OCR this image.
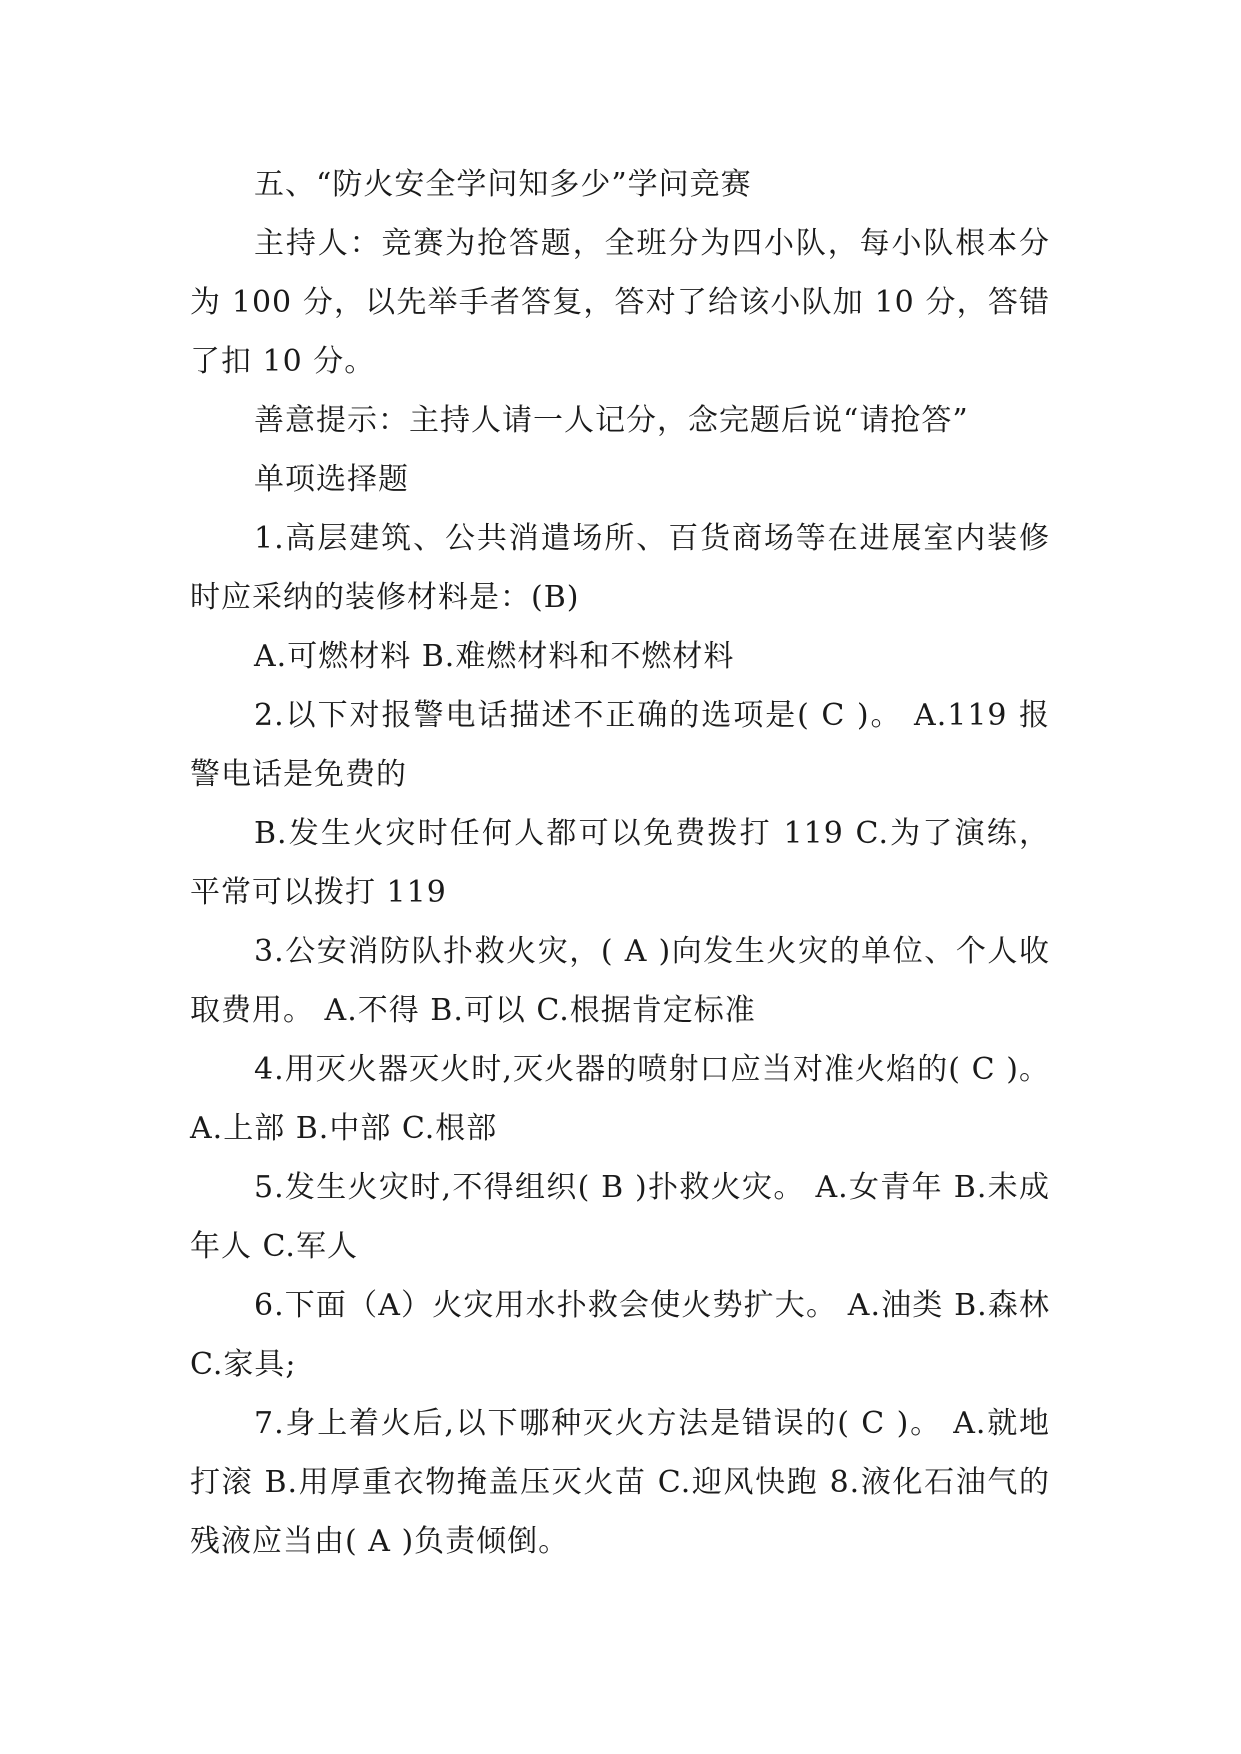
五、“防火安全学问知多少”学问竞赛

主持人：竞赛为抢答题，全班分为四小队，每小队根本分为 100 分，以先举手者答复，答对了给该小队加 10 分，答错了扣 10 分。

善意提示：主持人请一人记分，念完题后说“请抢答”

单项选择题

1.高层建筑、公共消遣场所、百货商场等在进展室内装修时应采纳的装修材料是：(B)

A.可燃材料 B.难燃材料和不燃材料

2.以下对报警电话描述不正确的选项是( C )。 A.119 报警电话是免费的

B.发生火灾时任何人都可以免费拨打 119 C.为了演练，平常可以拨打 119

3.公安消防队扑救火灾，( A )向发生火灾的单位、个人收取费用。 A.不得 B.可以 C.根据肯定标准

4.用灭火器灭火时,灭火器的喷射口应当对准火焰的( C )。 A.上部 B.中部 C.根部

5.发生火灾时,不得组织( B )扑救火灾。 A.女青年 B.未成年人 C.军人

6.下面（A）火灾用水扑救会使火势扩大。 A.油类 B.森林 C.家具;

7.身上着火后,以下哪种灭火方法是错误的( C )。 A.就地打滚 B.用厚重衣物掩盖压灭火苗 C.迎风快跑 8.液化石油气的残液应当由( A )负责倾倒。
